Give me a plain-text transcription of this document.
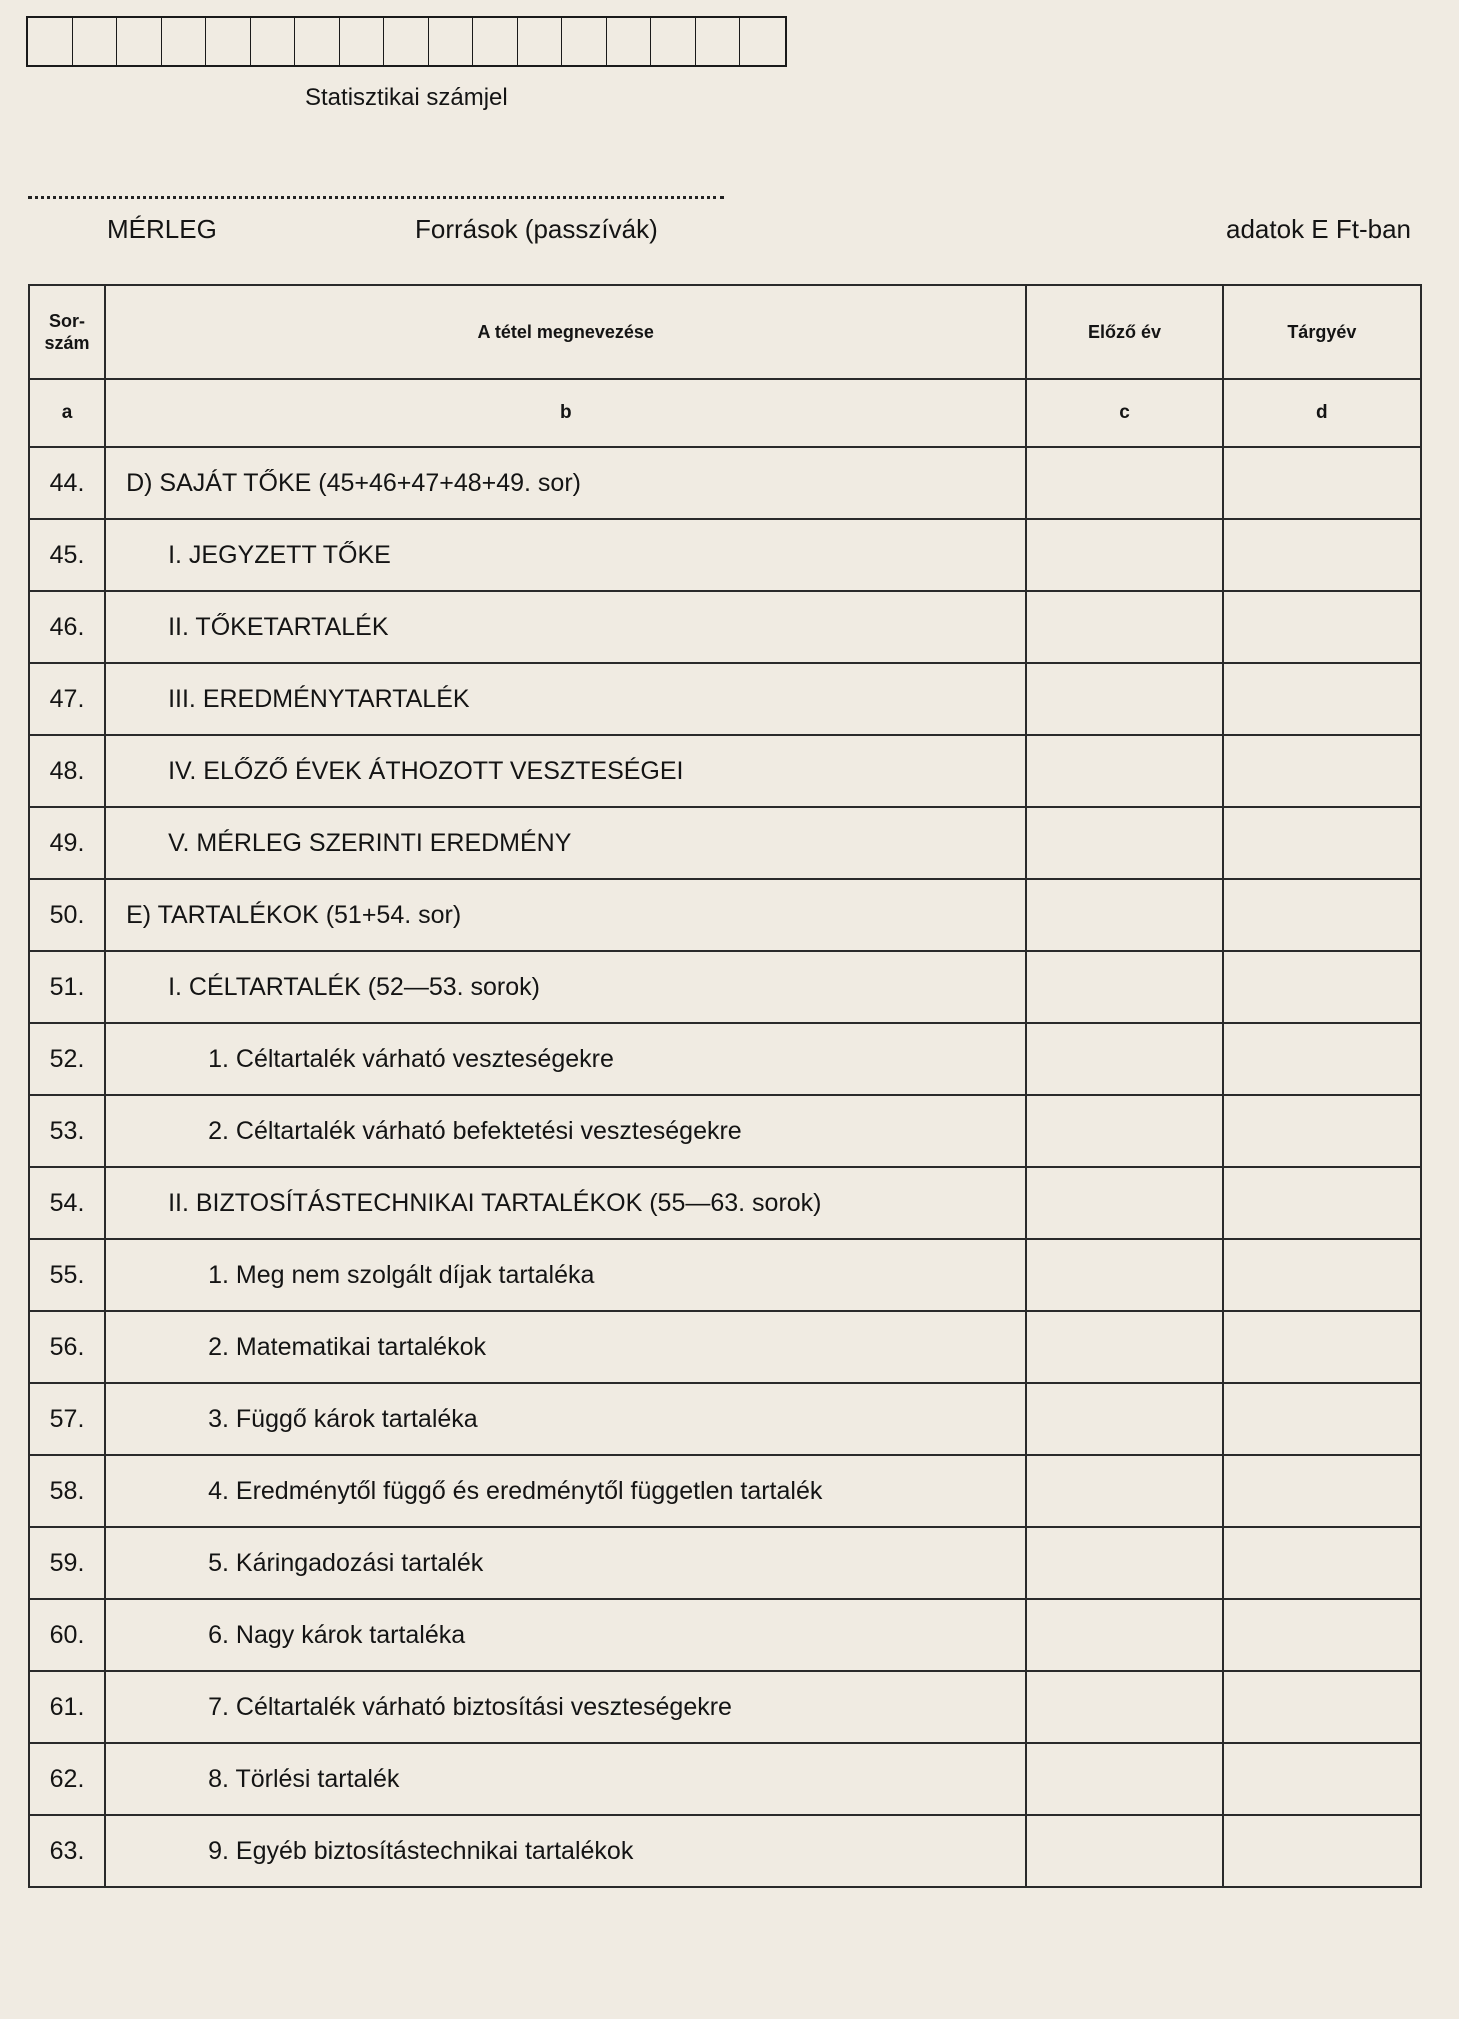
Statisztikai számjel
MÉRLEG	Források (passzívák)	adatok E Ft-ban
Sor-
szám	A tétel megnevezése	Előző év	Tárgyév
a	b	c	d
44.	D) SAJÁT TŐKE (45+46+47+48+49. sor)		
45.	I. JEGYZETT TŐKE		
46.	II. TŐKETARTALÉK		
47.	III. EREDMÉNYTARTALÉK		
48.	IV. ELŐZŐ ÉVEK ÁTHOZOTT VESZTESÉGEI		
49.	V. MÉRLEG SZERINTI EREDMÉNY		
50.	E) TARTALÉKOK (51+54. sor)		
51.	I. CÉLTARTALÉK (52—53. sorok)		
52.	1. Céltartalék várható veszteségekre		
53.	2. Céltartalék várható befektetési veszteségekre		
54.	II. BIZTOSÍTÁSTECHNIKAI TARTALÉKOK (55—63. sorok)		
55.	1. Meg nem szolgált díjak tartaléka		
56.	2. Matematikai tartalékok		
57.	3. Függő károk tartaléka		
58.	4. Eredménytől függő és eredménytől független tartalék		
59.	5. Káringadozási tartalék		
60.	6. Nagy károk tartaléka		
61.	7. Céltartalék várható biztosítási veszteségekre		
62.	8. Törlési tartalék		
63.	9. Egyéb biztosítástechnikai tartalékok		
